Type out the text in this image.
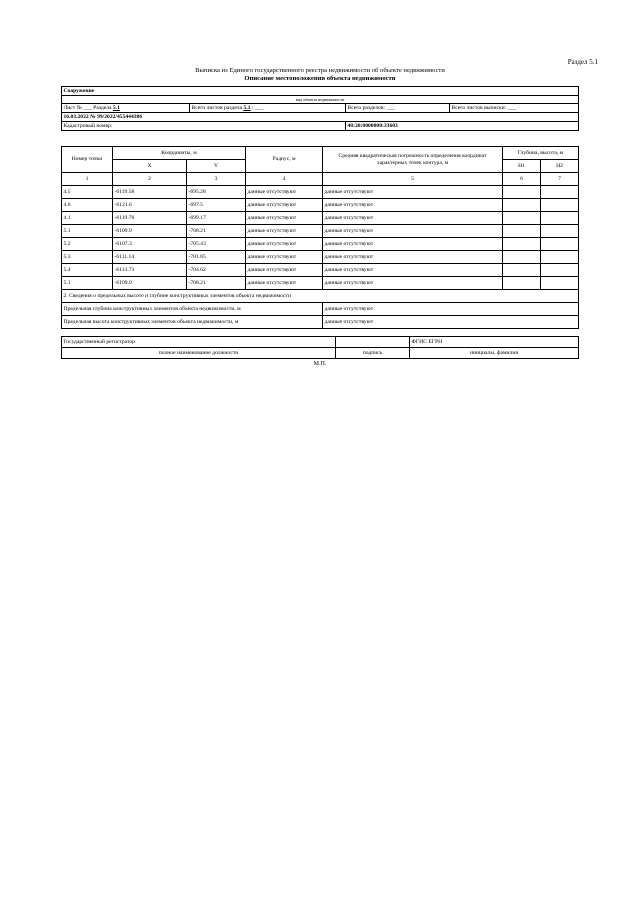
Раздел 5.1
Выписка из Единого государственного реестра недвижимости об объекте недвижимости
Описание местоположения объекта недвижимости
Сооружение			
вид объекта недвижимости			
Лист № ___ Раздела 5.1	Всего листов раздела 5.1 : ___	Всего разделов: ___	Всего листов выписки: ___
16.03.2022 № 99/2022/455444386			
Кадастровый номер:		48:20:0000000:33603	
Номер точки	Координаты, м		Радиус, м	Средняя квадратическая погрешность определения координат характерных точек контура, м	Глубина, высота, м	
	X	Y			H1	H2
1	2	3	4	5	6	7
4.5	-6119.58	-695.28	данные отсутствуют	данные отсутствуют		
4.6	-6121.6	-697.5	данные отсутствуют	данные отсутствуют		
4.1	-6119.76	-699.17	данные отсутствуют	данные отсутствуют		
5.1	-6109.9	-708.21	данные отсутствуют	данные отсутствуют		
5.2	-6107.3	-705.43	данные отсутствуют	данные отсутствуют		
5.3	-6111.14	-701.85	данные отсутствуют	данные отсутствуют		
5.4	-6113.73	-704.62	данные отсутствуют	данные отсутствуют		
5.1	-6109.9	-708.21	данные отсутствуют	данные отсутствуют		
2. Сведения о предельных высоте и глубине конструктивных элементов объекта недвижимости						
Предельная глубина конструктивных элементов объекта недвижимости, м				данные отсутствуют		
Предельная высота конструктивных элементов объекта недвижимости, м				данные отсутствуют		
Государственный регистратор		ФГИС ЕГРН
полное наименование должности	подпись	инициалы, фамилия
М.П.
